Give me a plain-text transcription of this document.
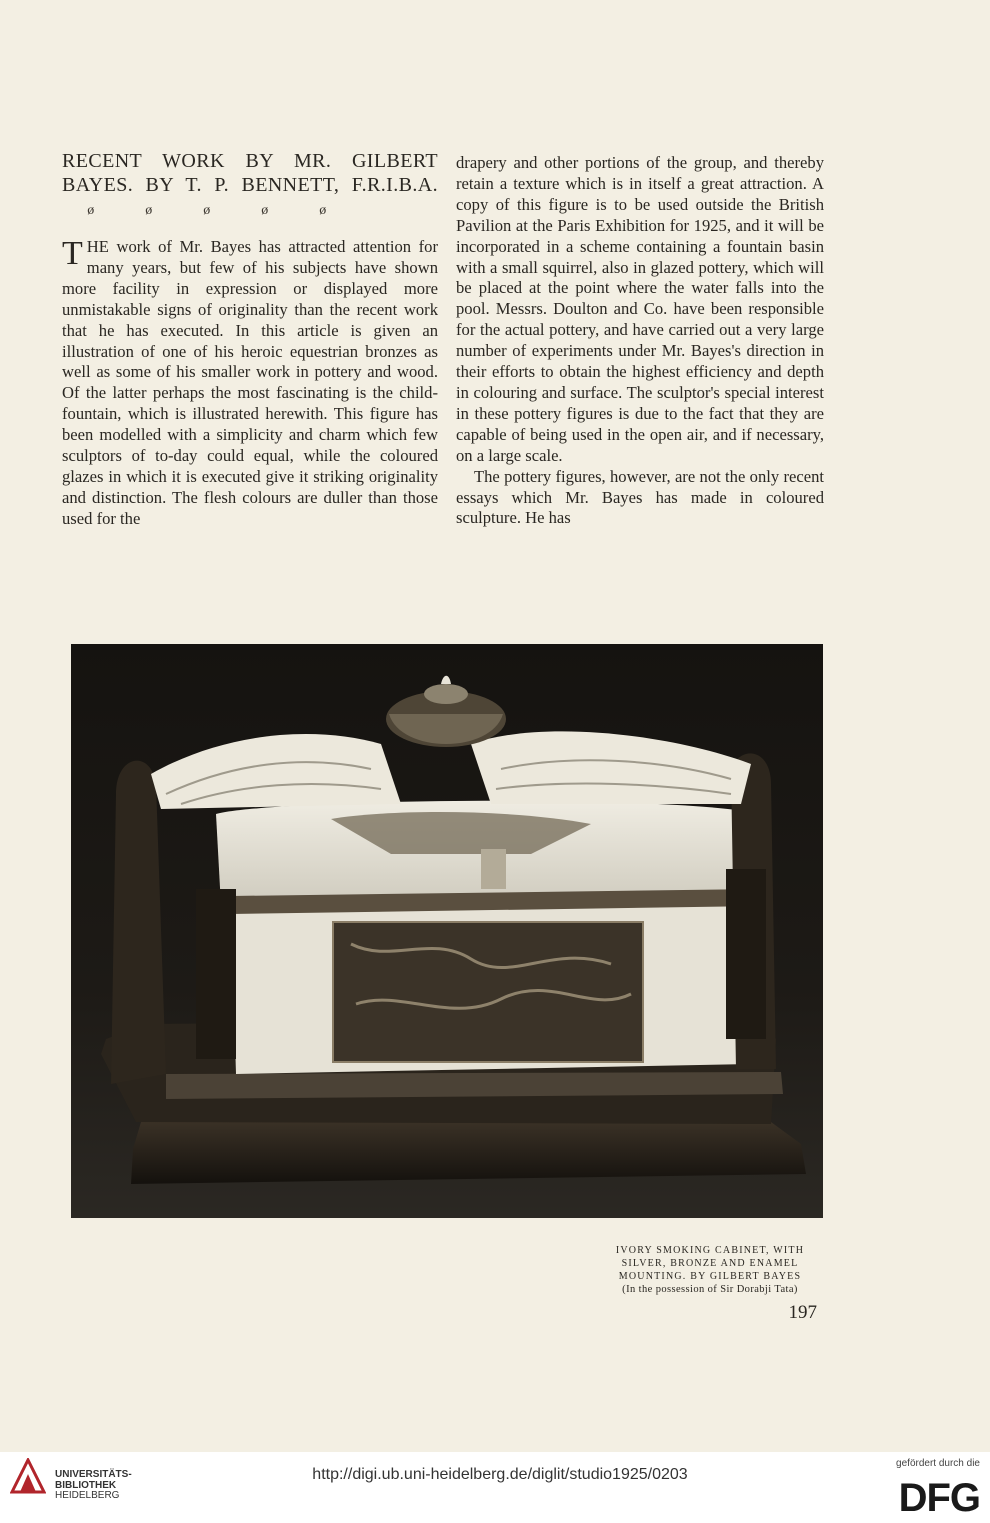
RECENT WORK BY MR. GILBERT BAYES. BY T. P. BENNETT, F.R.I.B.A. ø	ø	ø	ø	ø

THE work of Mr. Bayes has attracted attention for many years, but few of his subjects have shown more facility in expression or displayed more unmistakable signs of originality than the recent work that he has executed. In this article is given an illustration of one of his heroic equestrian bronzes as well as some of his smaller work in pottery and wood. Of the latter perhaps the most fascinating is the child-fountain, which is illustrated herewith. This figure has been modelled with a simplicity and charm which few sculptors of to-day could equal, while the coloured glazes in which it is executed give it striking originality and distinction. The flesh colours are duller than those used for the

drapery and other portions of the group, and thereby retain a texture which is in itself a great attraction. A copy of this figure is to be used outside the British Pavilion at the Paris Exhibition for 1925, and it will be incorporated in a scheme containing a fountain basin with a small squirrel, also in glazed pottery, which will be placed at the point where the water falls into the pool. Messrs. Doulton and Co. have been responsible for the actual pottery, and have carried out a very large number of experiments under Mr. Bayes's direction in their efforts to obtain the highest efficiency and depth in colouring and surface. The sculptor's special interest in these pottery figures is due to the fact that they are capable of being used in the open air, and if necessary, on a large scale.

The pottery figures, however, are not the only recent essays which Mr. Bayes has made in coloured sculpture. He has

IVORY SMOKING CABINET, WITH
SILVER, BRONZE AND ENAMEL
MOUNTING. BY GILBERT BAYES
(In the possession of Sir Dorabji Tata)
197
UNIVERSITÄTS-
BIBLIOTHEK
HEIDELBERG
http://digi.ub.uni-heidelberg.de/diglit/studio1925/0203
gefördert durch die
DFG
